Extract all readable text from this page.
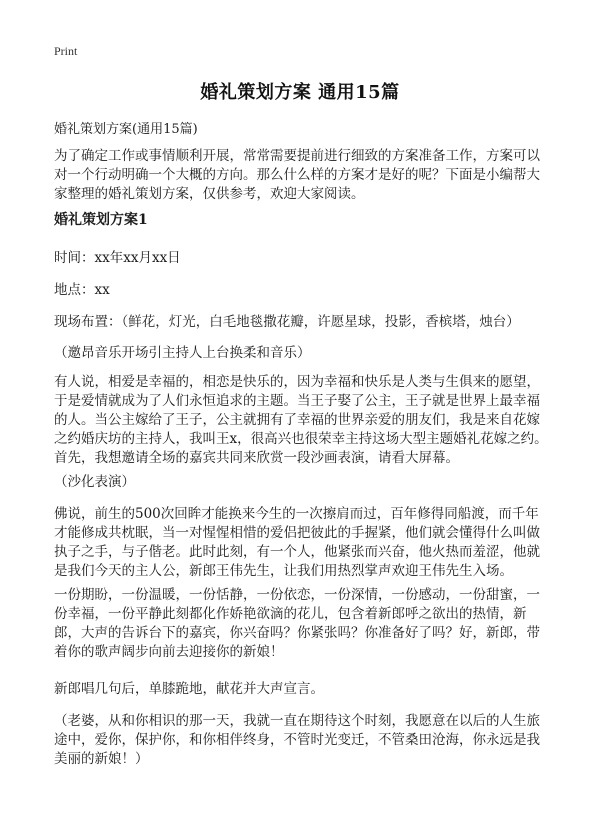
Print
婚礼策划方案 通用15篇
婚礼策划方案(通用15篇)
为了确定工作或事情顺利开展，常常需要提前进行细致的方案准备工作，方案可以对一个行动明确一个大概的方向。那么什么样的方案才是好的呢？下面是小编帮大家整理的婚礼策划方案，仅供参考，欢迎大家阅读。
婚礼策划方案1
时间：xx年xx月xx日
地点：xx
现场布置：（鲜花，灯光，白毛地毯撒花瓣，许愿星球，投影，香槟塔，烛台）
（邀昂音乐开场引主持人上台换柔和音乐）
有人说，相爱是幸福的，相恋是快乐的，因为幸福和快乐是人类与生俱来的愿望，于是爱情就成为了人们永恒追求的主题。当王子娶了公主，王子就是世界上最幸福的人。当公主嫁给了王子，公主就拥有了幸福的世界亲爱的朋友们，我是来自花嫁之约婚庆坊的主持人，我叫王x，很高兴也很荣幸主持这场大型主题婚礼花嫁之约。首先，我想邀请全场的嘉宾共同来欣赏一段沙画表演，请看大屏幕。
（沙化表演）
佛说，前生的500次回眸才能换来今生的一次擦肩而过，百年修得同船渡，而千年才能修成共枕眠，当一对惺惺相惜的爱侣把彼此的手握紧，他们就会懂得什么叫做执子之手，与子偕老。此时此刻，有一个人，他紧张而兴奋，他火热而羞涩，他就是我们今天的主人公，新郎王伟先生，让我们用热烈掌声欢迎王伟先生入场。
一份期盼，一份温暖，一份恬静，一份依恋，一份深情，一份感动，一份甜蜜，一份幸福，一份平静此刻都化作娇艳欲滴的花儿，包含着新郎呼之欲出的热情，新郎，大声的告诉台下的嘉宾，你兴奋吗？你紧张吗？你准备好了吗？好，新郎，带着你的歌声阔步向前去迎接你的新娘！
新郎唱几句后，单膝跪地，献花并大声宣言。
（老婆，从和你相识的那一天，我就一直在期待这个时刻，我愿意在以后的人生旅途中，爱你，保护你，和你相伴终身，不管时光变迁，不管桑田沧海，你永远是我美丽的新娘！）
